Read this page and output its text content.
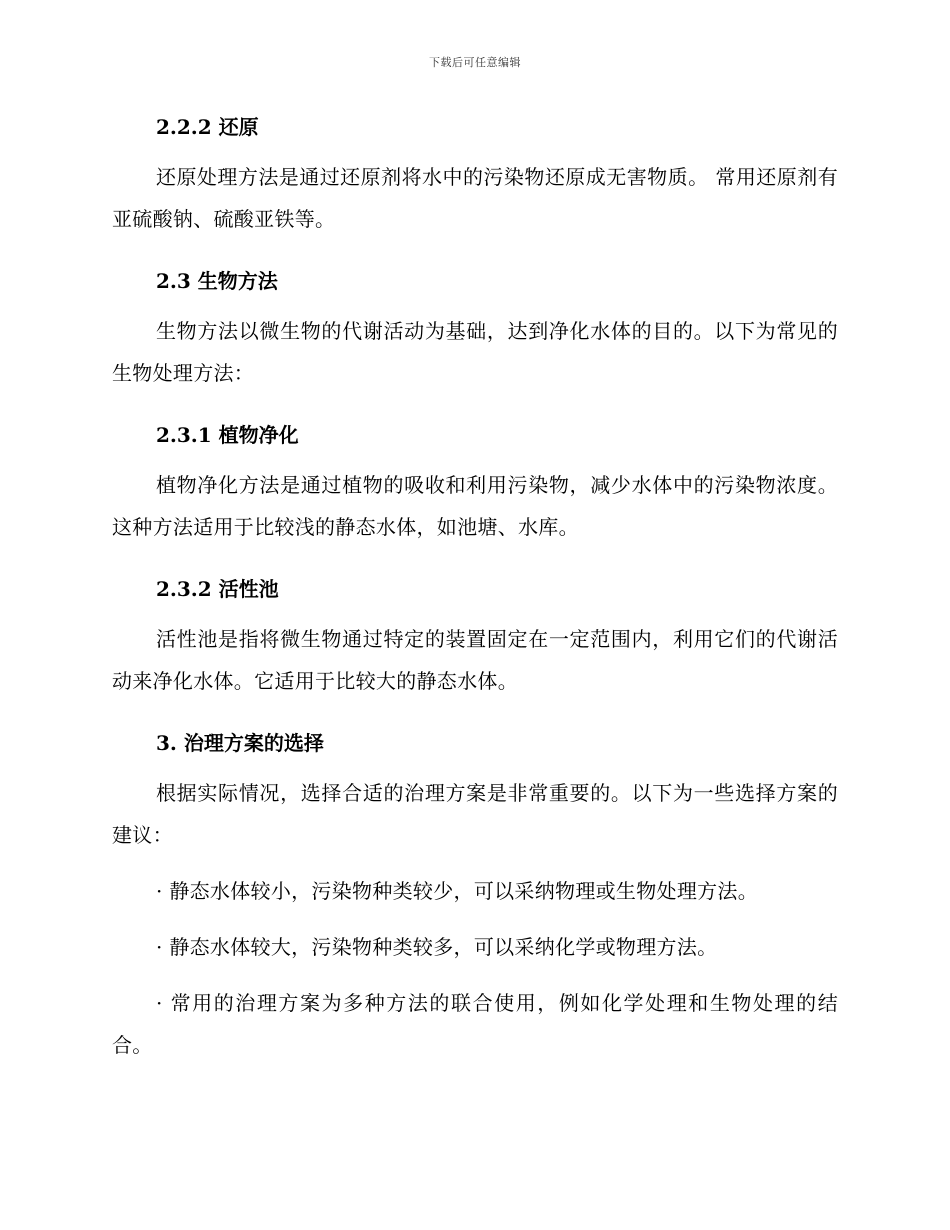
下载后可任意编辑

2.2.2 还原

还原处理方法是通过还原剂将水中的污染物还原成无害物质。 常用还原剂有亚硫酸钠、硫酸亚铁等。

2.3 生物方法

生物方法以微生物的代谢活动为基础，达到净化水体的目的。以下为常见的生物处理方法：

2.3.1 植物净化

植物净化方法是通过植物的吸收和利用污染物，减少水体中的污染物浓度。这种方法适用于比较浅的静态水体，如池塘、水库。

2.3.2 活性池

活性池是指将微生物通过特定的装置固定在一定范围内，利用它们的代谢活动来净化水体。它适用于比较大的静态水体。

3. 治理方案的选择

根据实际情况，选择合适的治理方案是非常重要的。以下为一些选择方案的建议：

· 静态水体较小，污染物种类较少，可以采纳物理或生物处理方法。

· 静态水体较大，污染物种类较多，可以采纳化学或物理方法。

· 常用的治理方案为多种方法的联合使用，例如化学处理和生物处理的结合。
